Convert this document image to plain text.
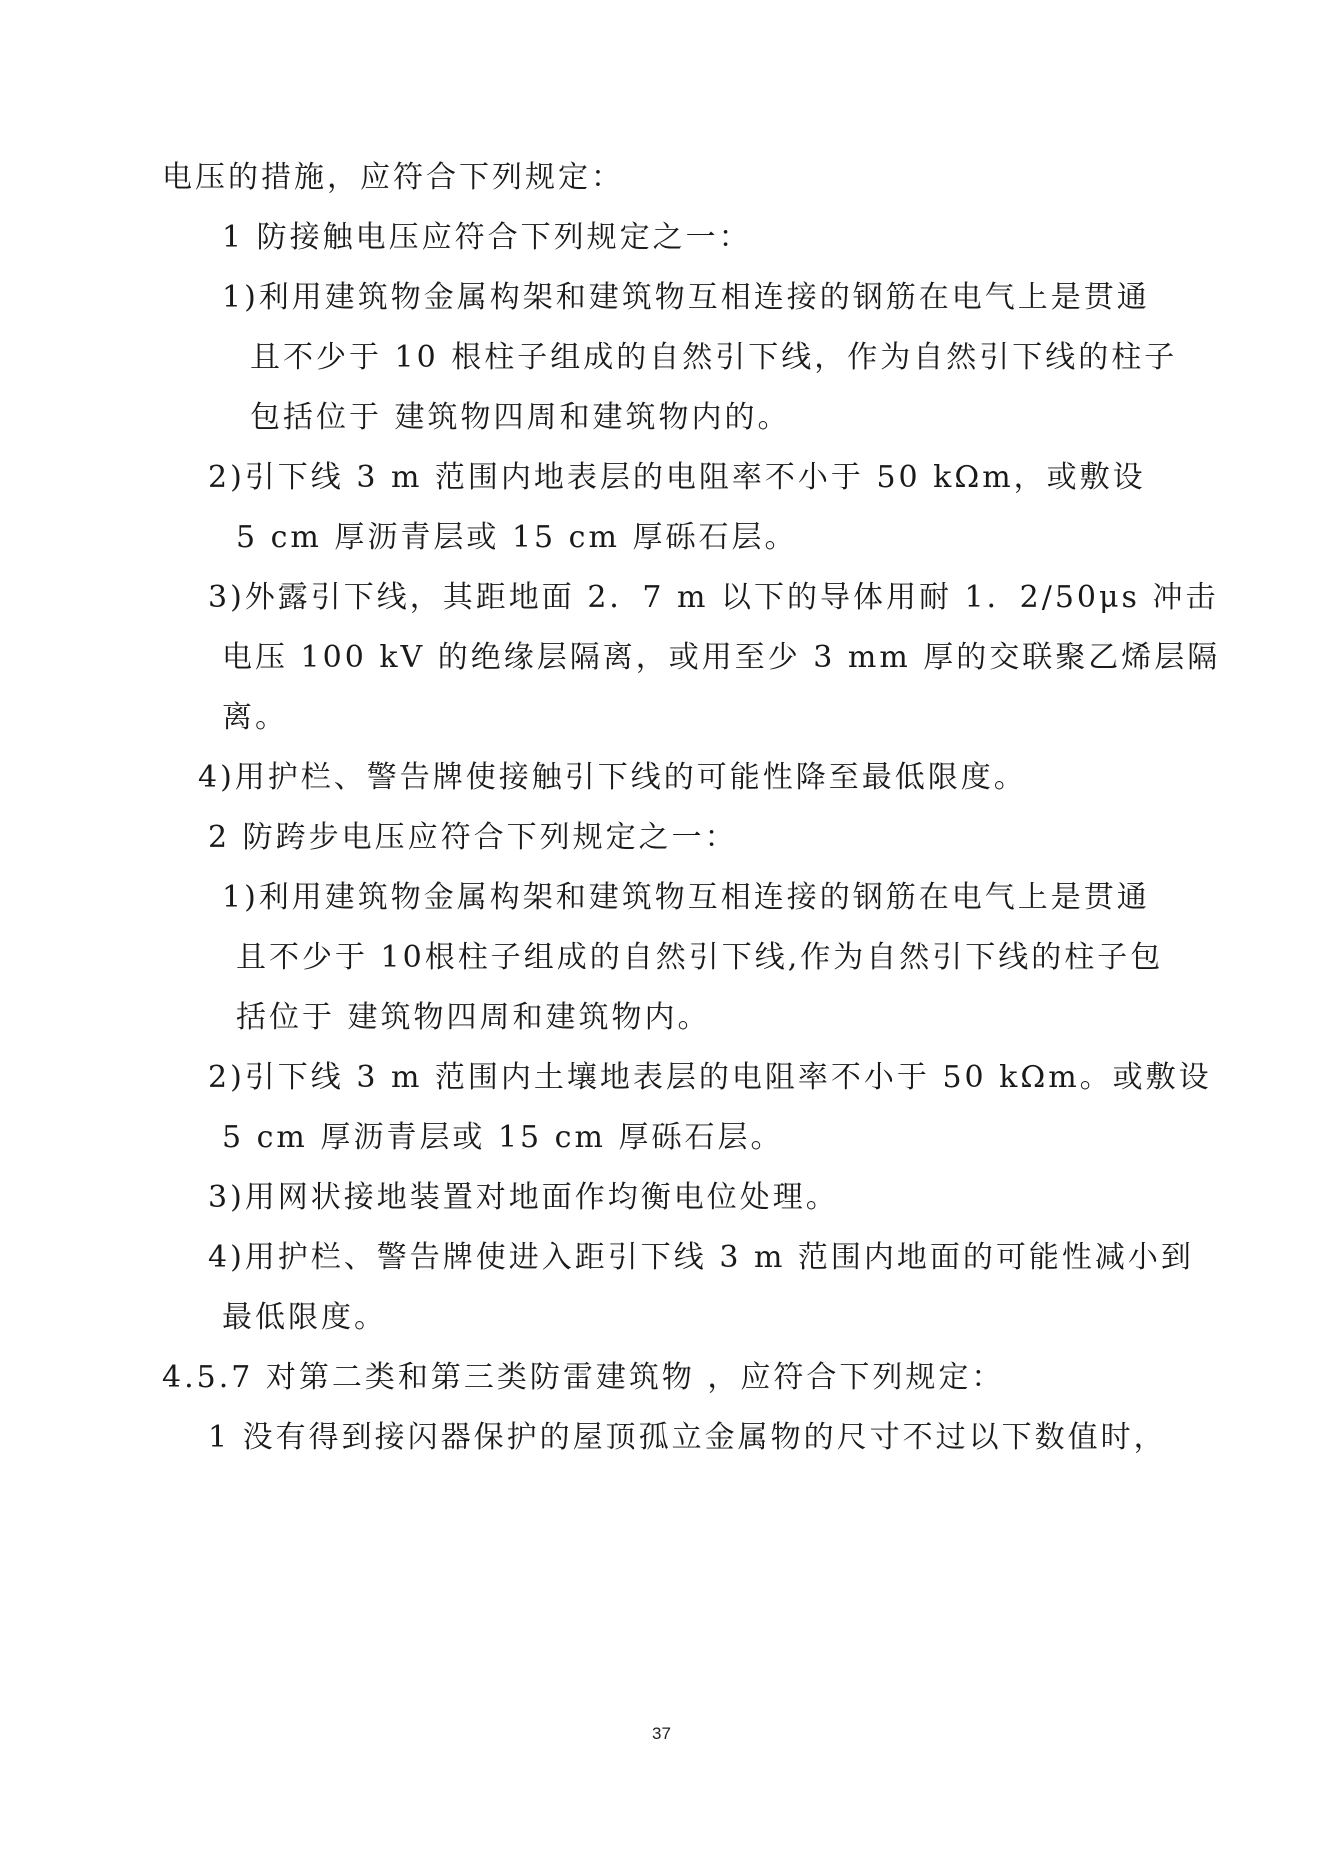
电压的措施，应符合下列规定：
1 防接触电压应符合下列规定之一：
1)利用建筑物金属构架和建筑物互相连接的钢筋在电气上是贯通
且不少于 10 根柱子组成的自然引下线，作为自然引下线的柱子
包括位于 建筑物四周和建筑物内的。
2)引下线 3 m 范围内地表层的电阻率不小于 50 kΩm，或敷设
5 cm 厚沥青层或 15 cm 厚砾石层。
3)外露引下线，其距地面 2．7 m 以下的导体用耐 1．2/50μs 冲击
电压 100 kV 的绝缘层隔离，或用至少 3 mm 厚的交联聚乙烯层隔
离。
4)用护栏、警告牌使接触引下线的可能性降至最低限度。
2 防跨步电压应符合下列规定之一：
1)利用建筑物金属构架和建筑物互相连接的钢筋在电气上是贯通
且不少于 10根柱子组成的自然引下线,作为自然引下线的柱子包
括位于 建筑物四周和建筑物内。
2)引下线 3 m 范围内土壤地表层的电阻率不小于 50 kΩm。或敷设
5 cm 厚沥青层或 15 cm 厚砾石层。
3)用网状接地装置对地面作均衡电位处理。
4)用护栏、警告牌使进入距引下线 3 m 范围内地面的可能性减小到
最低限度。
4.5.7 对第二类和第三类防雷建筑物 ，应符合下列规定：
1 没有得到接闪器保护的屋顶孤立金属物的尺寸不过以下数值时，
37
